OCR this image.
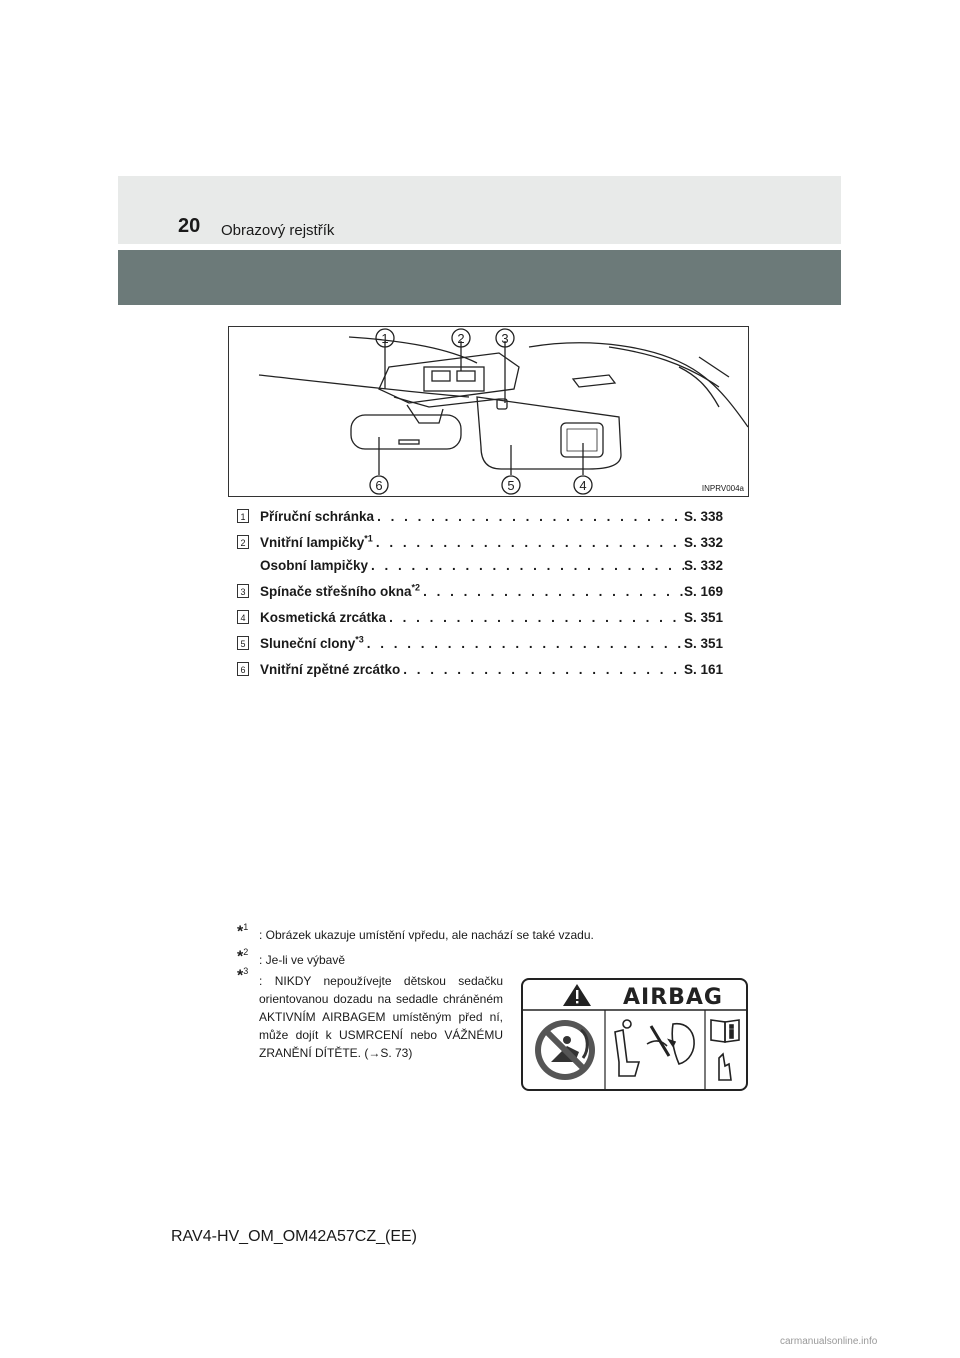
20 Obrazový rejstřík
1	2	3
4
5
6	INPRV004a
1 Příruční schránka . . .	S. 338
2 Vnitřní lampičky$^{*1}$ . . .	S. 332
Osobní lampičky . . .	S. 332
3 Spínače střešního okna$^{*2}$ . . .	S. 169
4 Kosmetická zrcátka . . .	S. 351
5 Sluneční clony$^{*3}$ . . .	S. 351
6 Vnitřní zpětné zrcátko . . .	S. 161
*$^1$
: Obrázek ukazuje umístění vpředu, ale nachází se také vzadu.
*$^2$
: Je-li ve výbavě
*$^3$
: NIKDY nepoužívejte dětskou sedačku orientovanou dozadu na sedadle chráněném AKTIVNÍM AIRBAGEM umístěným před ní, může dojít k USMRCENÍ nebo VÁŽNÉMU ZRANĚNÍ DÍTĚTE. (→S. 73)
AIRBAG
RAV4-HV_OM_OM42A57CZ_(EE)
carmanualsonline.info
